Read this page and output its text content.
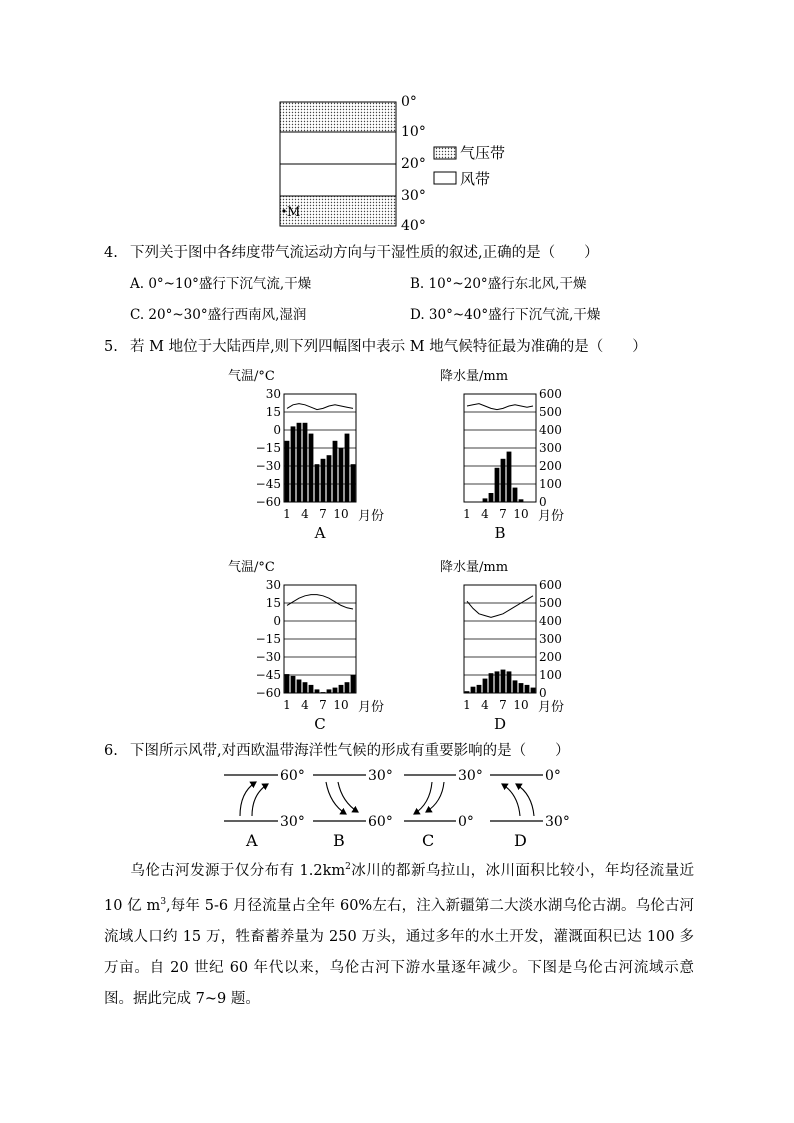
M
0°
10°
20°
30°
40°
气压带
风带
4. 下列关于图中各纬度带气流运动方向与干湿性质的叙述,正确的是（　　）
A. 0°~10°盛行下沉气流,干燥	B. 10°~20°盛行东北风,干燥
C. 20°~30°盛行西南风,湿润	D. 30°~40°盛行下沉气流,干燥
5. 若 M 地位于大陆西岸,则下列四幅图中表示 M 地气候特征最为准确的是（　　）
气温/°C
30
15
0
−15
−30
−45
−60
1 4 7 10 月份
A
降水量/mm
600
500
400
300
200
100
0
1 4 7 10 月份
B
气温/°C
30
15
0
−15
−30
−45
−60
1 4 7 10 月份
C
降水量/mm
600
500
400
300
200
100
0
1 4 7 10 月份
D
6. 下图所示风带,对西欧温带海洋性气候的形成有重要影响的是（　　）
60°
30°
A
30°
60°
B
30°
0°
C
0°
30°
D
乌伦古河发源于仅分布有 $1.2km^2$冰川的都新乌拉山，冰川面积比较小，年均径流量近 10 亿 $m^3$,每年 5-6 月径流量占全年 60%左右，注入新疆第二大淡水湖乌伦古湖。乌伦古河流域人口约 15 万，牲畜蓄养量为 250 万头，通过多年的水土开发，灌溉面积已达 100 多万亩。自 20 世纪 60 年代以来，乌伦古河下游水量逐年减少。下图是乌伦古河流域示意图。据此完成 7~9 题。
